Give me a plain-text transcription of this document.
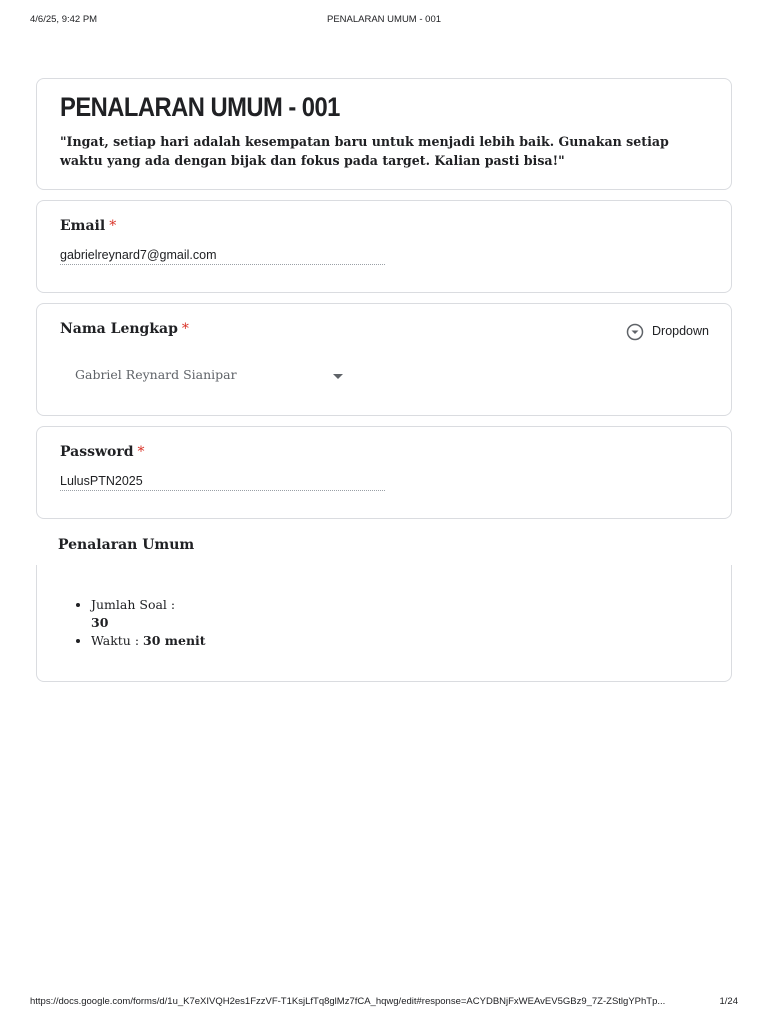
4/6/25, 9:42 PM	PENALARAN UMUM - 001
PENALARAN UMUM - 001
"Ingat, setiap hari adalah kesempatan baru untuk menjadi lebih baik. Gunakan setiap waktu yang ada dengan bijak dan fokus pada target. Kalian pasti bisa!"
Email *
gabrielreynard7@gmail.com
Nama Lengkap *	Dropdown
Gabriel Reynard Sianipar
Password *
LulusPTN2025
Penalaran Umum
• Jumlah Soal :
30
• Waktu : 30 menit
https://docs.google.com/forms/d/1u_K7eXIVQH2es1FzzVF-T1KsjLfTq8glMz7fCA_hqwg/edit#response=ACYDBNjFxWEAvEV5GBz9_7Z-ZStlgYPhTp...	1/24
